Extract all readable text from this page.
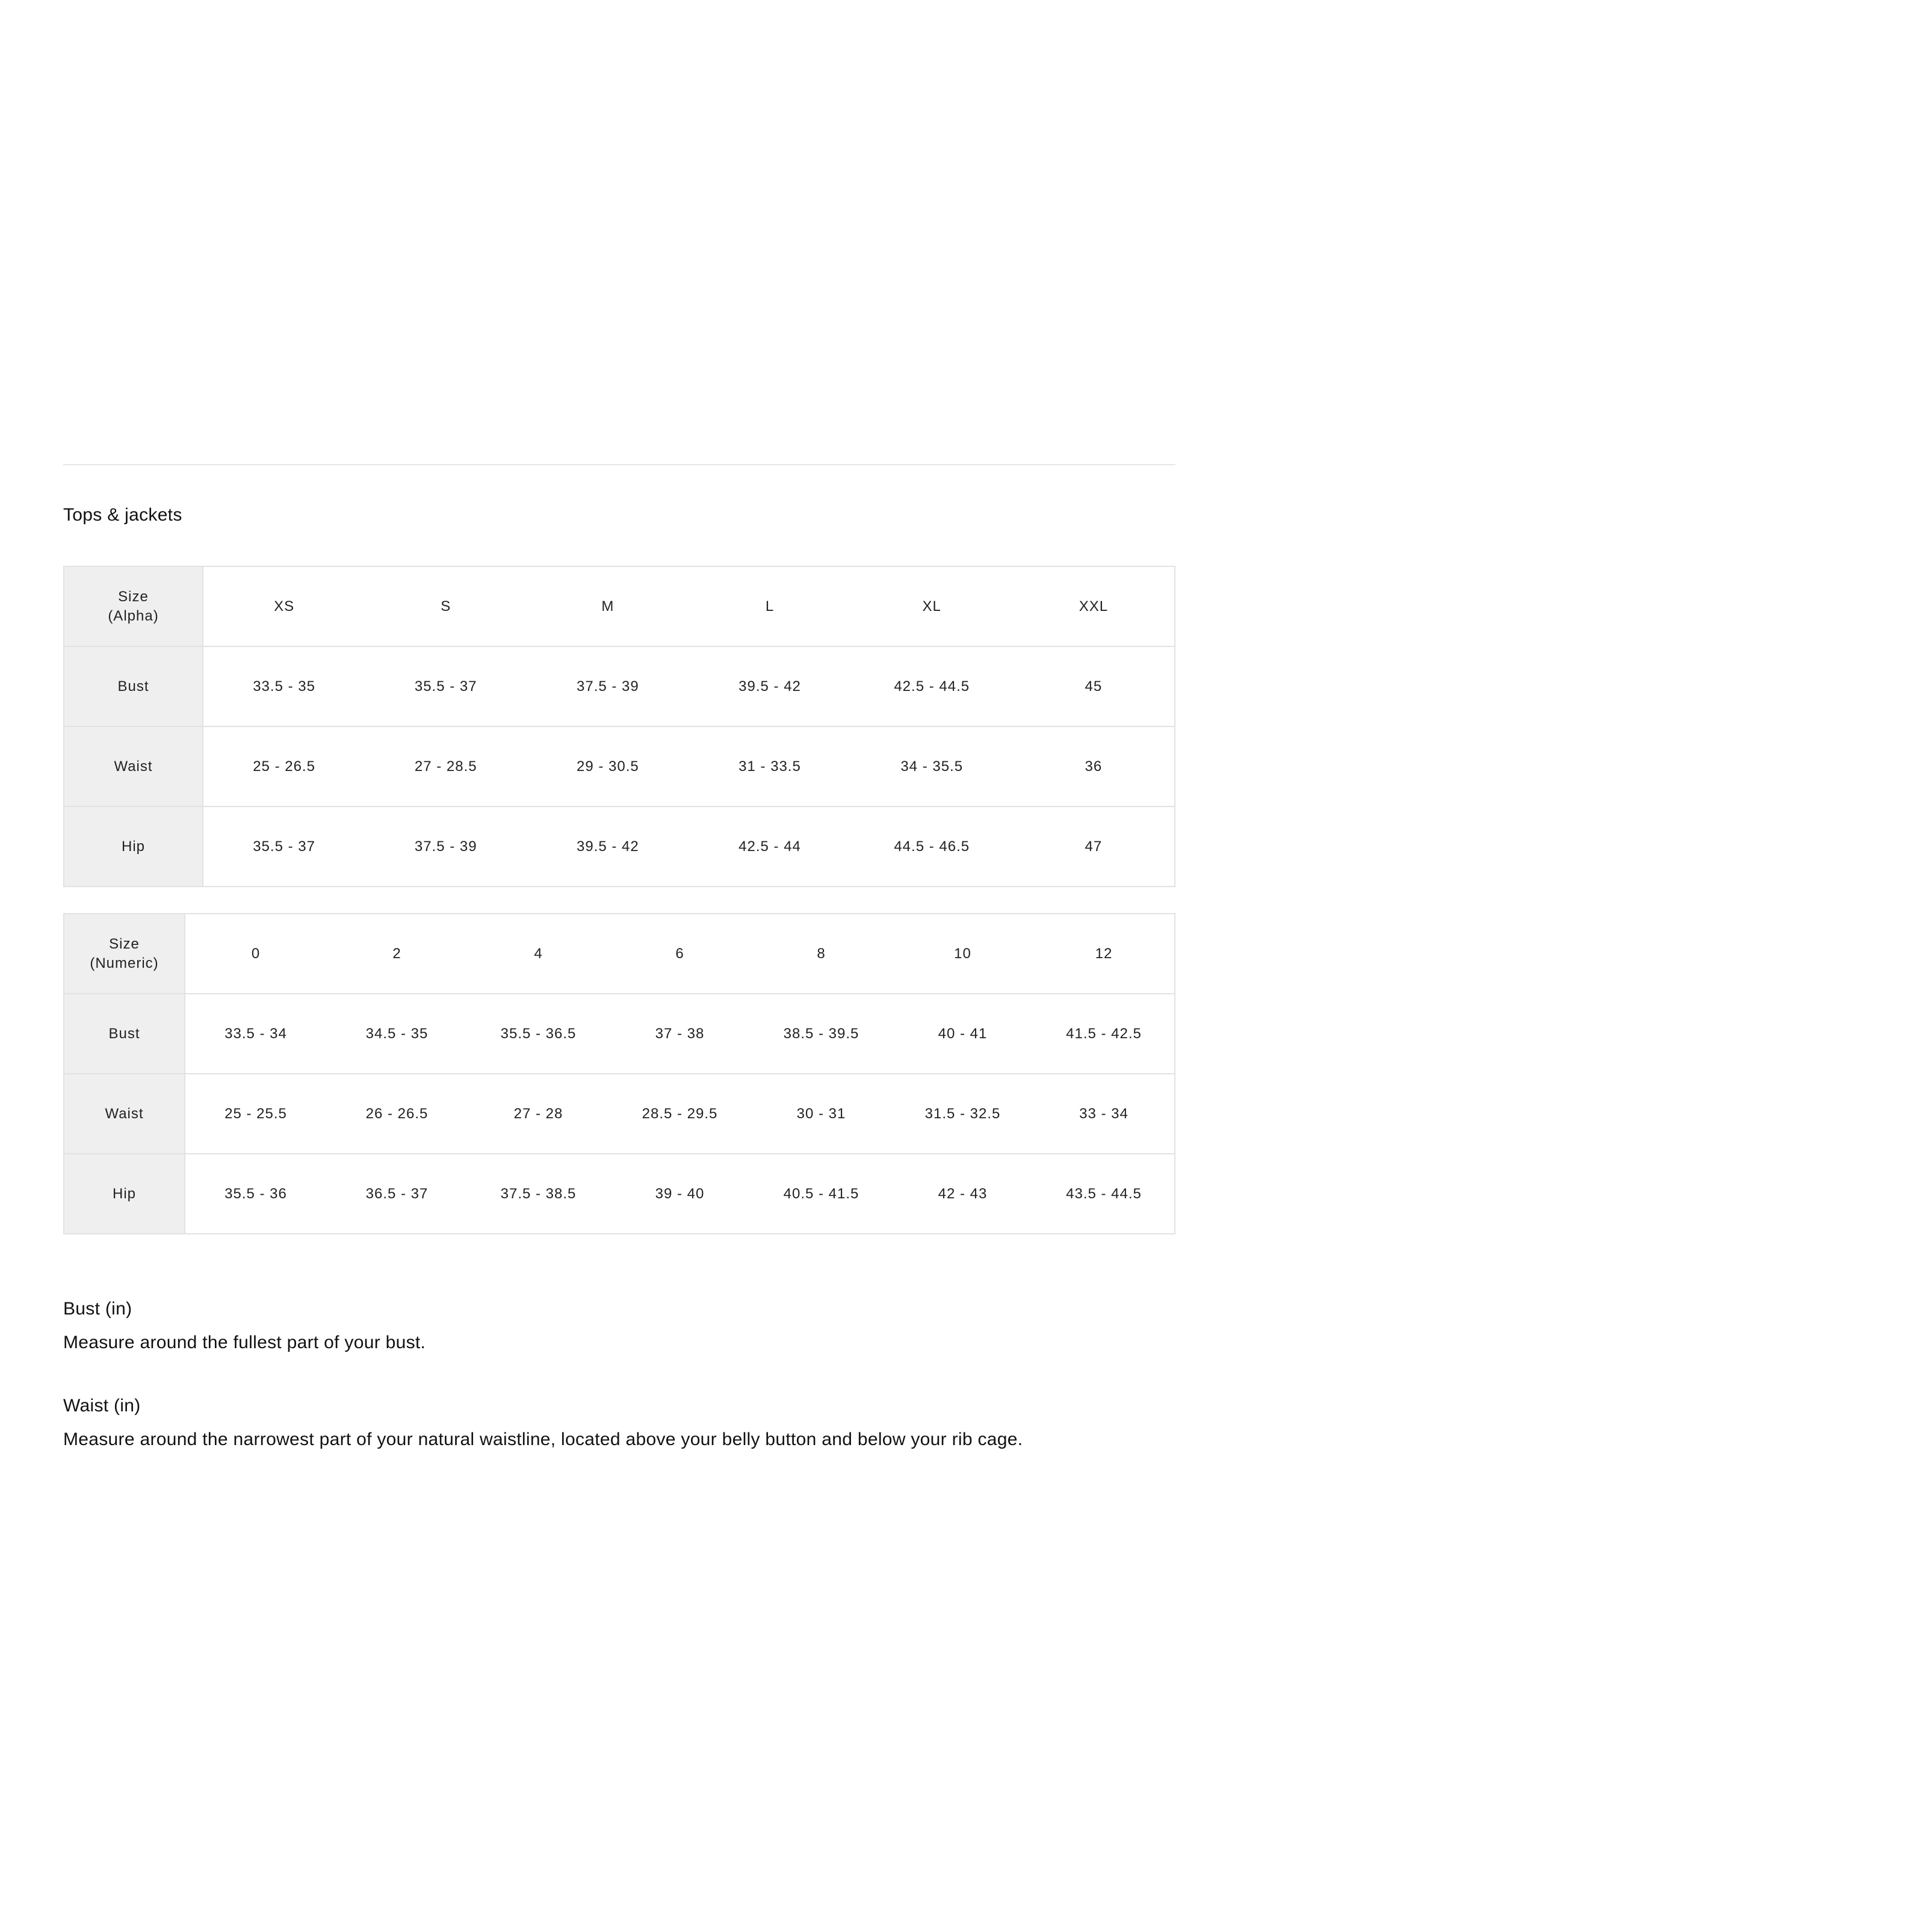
Tops & jackets
Size
(Alpha)	XS	S	M	L	XL	XXL
Bust	33.5 - 35	35.5 - 37	37.5 - 39	39.5 - 42	42.5 - 44.5	45
Waist	25 - 26.5	27 - 28.5	29 - 30.5	31 - 33.5	34 - 35.5	36
Hip	35.5 - 37	37.5 - 39	39.5 - 42	42.5 - 44	44.5 - 46.5	47
Size
(Numeric)	0	2	4	6	8	10	12
Bust	33.5 - 34	34.5 - 35	35.5 - 36.5	37 - 38	38.5 - 39.5	40 - 41	41.5 - 42.5
Waist	25 - 25.5	26 - 26.5	27 - 28	28.5 - 29.5	30 - 31	31.5 - 32.5	33 - 34
Hip	35.5 - 36	36.5 - 37	37.5 - 38.5	39 - 40	40.5 - 41.5	42 - 43	43.5 - 44.5
Bust (in)
Measure around the fullest part of your bust.
Waist (in)
Measure around the narrowest part of your natural waistline, located above your belly button and below your rib cage.
